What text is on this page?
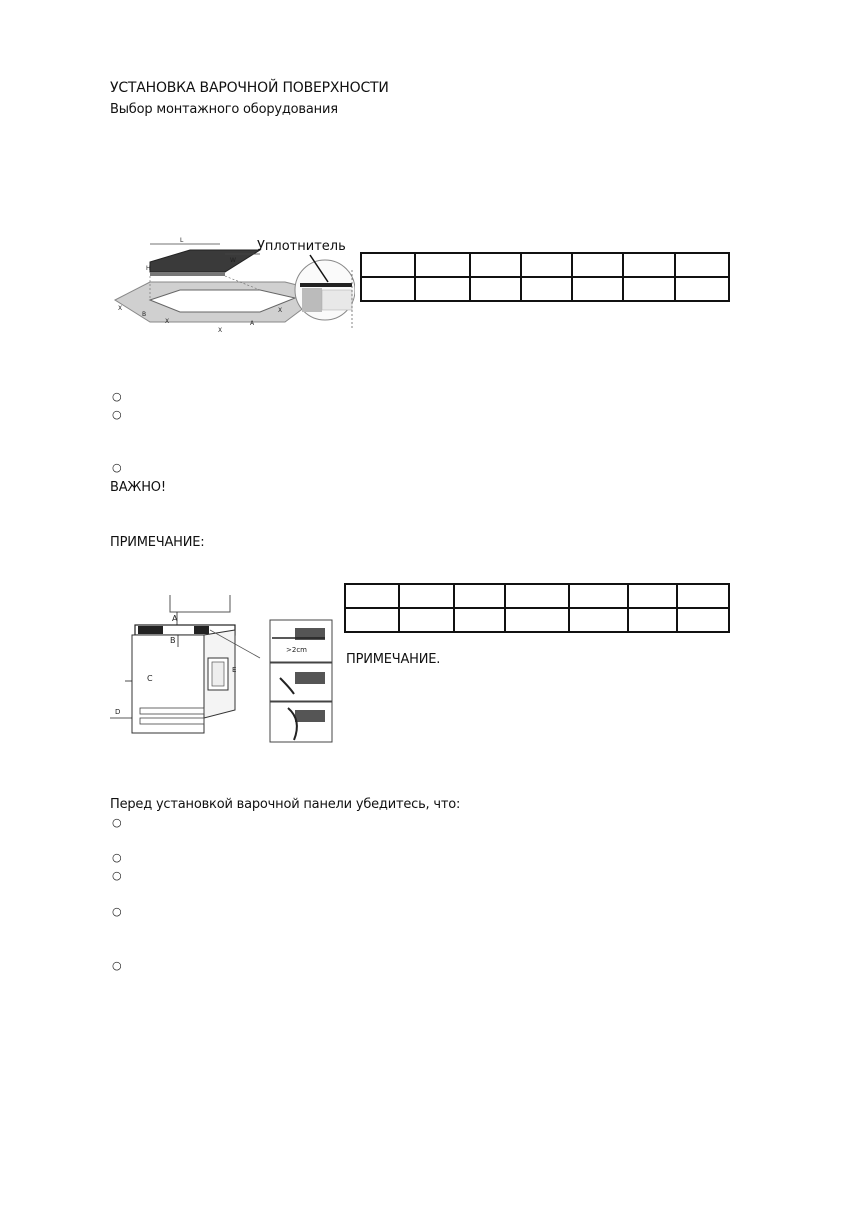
УСТАНОВКА ВАРОЧНОЙ ПОВЕРХНОСТИ
Выбор монтажного оборудования
L
W
H
X
B
X
X
A
X
Уплотнитель

○
○
○
ВАЖНО!
ПРИМЕЧАНИЕ:
A
B
C
D
E
>2cm

ПРИМЕЧАНИЕ.
Перед установкой варочной панели убедитесь, что:
○
○
○
○
○
